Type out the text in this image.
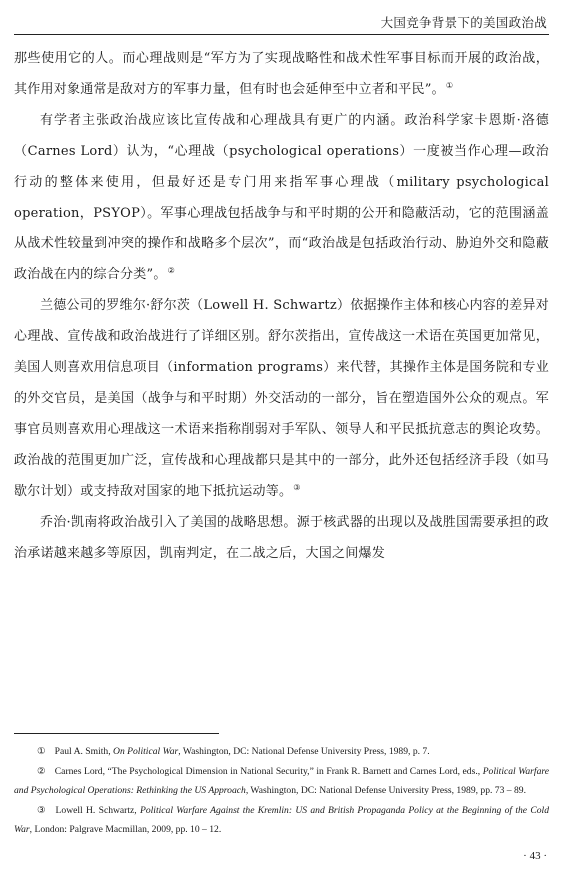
大国竞争背景下的美国政治战

那些使用它的人。而心理战则是“军方为了实现战略性和战术性军事目标而开展的政治战，其作用对象通常是敌对方的军事力量，但有时也会延伸至中立者和平民”。①

有学者主张政治战应该比宣传战和心理战具有更广的内涵。政治科学家卡恩斯·洛德（Carnes Lord）认为，“心理战（psychological operations）一度被当作心理—政治行动的整体来使用，但最好还是专门用来指军事心理战（military psychological operation，PSYOP）。军事心理战包括战争与和平时期的公开和隐蔽活动，它的范围涵盖从战术性较量到冲突的操作和战略多个层次”，而“政治战是包括政治行动、胁迫外交和隐蔽政治战在内的综合分类”。②

兰德公司的罗维尔·舒尔茨（Lowell H. Schwartz）依据操作主体和核心内容的差异对心理战、宣传战和政治战进行了详细区别。舒尔茨指出，宣传战这一术语在英国更加常见，美国人则喜欢用信息项目（information programs）来代替，其操作主体是国务院和专业的外交官员，是美国（战争与和平时期）外交活动的一部分，旨在塑造国外公众的观点。军事官员则喜欢用心理战这一术语来指称削弱对手军队、领导人和平民抵抗意志的舆论攻势。政治战的范围更加广泛，宣传战和心理战都只是其中的一部分，此外还包括经济手段（如马歇尔计划）或支持敌对国家的地下抵抗运动等。③

乔治·凯南将政治战引入了美国的战略思想。源于核武器的出现以及战胜国需要承担的政治承诺越来越多等原因，凯南判定，在二战之后，大国之间爆发

① Paul A. Smith, On Political War, Washington, DC: National Defense University Press, 1989, p. 7.

② Carnes Lord, “The Psychological Dimension in National Security,” in Frank R. Barnett and Carnes Lord, eds., Political Warfare and Psychological Operations: Rethinking the US Approach, Washington, DC: National Defense University Press, 1989, pp. 73 – 89.

③ Lowell H. Schwartz, Political Warfare Against the Kremlin: US and British Propaganda Policy at the Beginning of the Cold War, London: Palgrave Macmillan, 2009, pp. 10 – 12.

· 43 ·
